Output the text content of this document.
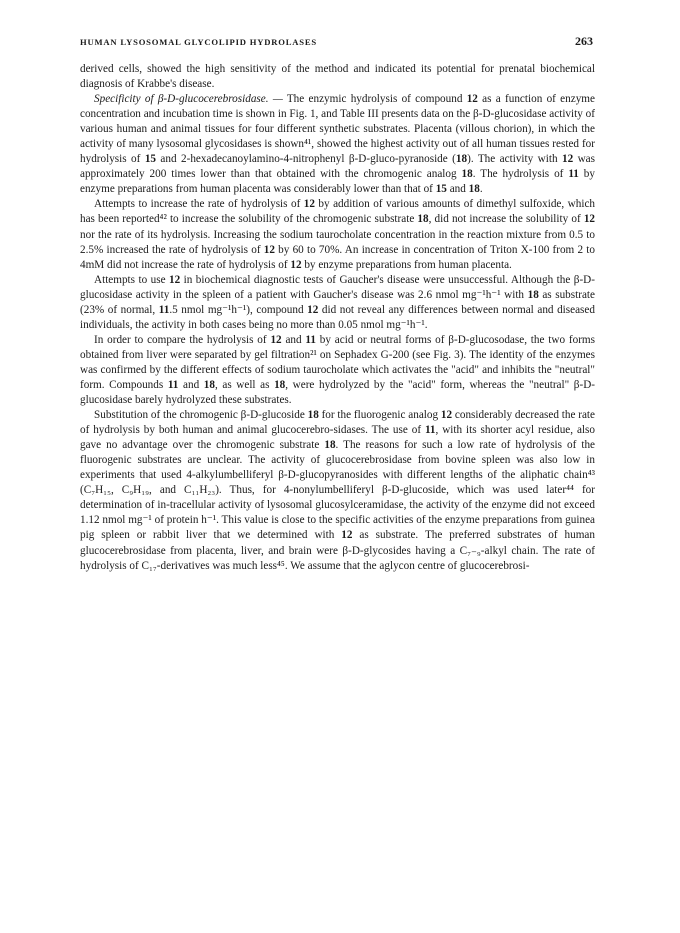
HUMAN LYSOSOMAL GLYCOLIPID HYDROLASES	263

derived cells, showed the high sensitivity of the method and indicated its potential for prenatal biochemical diagnosis of Krabbe's disease.

Specificity of β-D-glucocerebrosidase. — The enzymic hydrolysis of compound 12 as a function of enzyme concentration and incubation time is shown in Fig. 1, and Table III presents data on the β-D-glucosidase activity of various human and animal tissues for four different synthetic substrates. Placenta (villous chorion), in which the activity of many lysosomal glycosidases is shown⁴¹, showed the highest activity out of all human tissues rested for hydrolysis of 15 and 2-hexadecanoylamino-4-nitrophenyl β-D-gluco-pyranoside (18). The activity with 12 was approximately 200 times lower than that obtained with the chromogenic analog 18. The hydrolysis of 11 by enzyme preparations from human placenta was considerably lower than that of 15 and 18.

Attempts to increase the rate of hydrolysis of 12 by addition of various amounts of dimethyl sulfoxide, which has been reported⁴² to increase the solubility of the chromogenic substrate 18, did not increase the solubility of 12 nor the rate of its hydrolysis. Increasing the sodium taurocholate concentration in the reaction mixture from 0.5 to 2.5% increased the rate of hydrolysis of 12 by 60 to 70%. An increase in concentration of Triton X-100 from 2 to 4mM did not increase the rate of hydrolysis of 12 by enzyme preparations from human placenta.

Attempts to use 12 in biochemical diagnostic tests of Gaucher's disease were unsuccessful. Although the β-D-glucosidase activity in the spleen of a patient with Gaucher's disease was 2.6 nmol mg⁻¹h⁻¹ with 18 as substrate (23% of normal, 11.5 nmol mg⁻¹h⁻¹), compound 12 did not reveal any differences between normal and diseased individuals, the activity in both cases being no more than 0.05 nmol mg⁻¹h⁻¹.

In order to compare the hydrolysis of 12 and 11 by acid or neutral forms of β-D-glucosodase, the two forms obtained from liver were separated by gel filtration²¹ on Sephadex G-200 (see Fig. 3). The identity of the enzymes was confirmed by the different effects of sodium taurocholate which activates the "acid" and inhibits the "neutral" form. Compounds 11 and 18, as well as 18, were hydrolyzed by the "acid" form, whereas the "neutral" β-D-glucosidase barely hydrolyzed these substrates.

Substitution of the chromogenic β-D-glucoside 18 for the fluorogenic analog 12 considerably decreased the rate of hydrolysis by both human and animal glucocerebro-sidases. The use of 11, with its shorter acyl residue, also gave no advantage over the chromogenic substrate 18. The reasons for such a low rate of hydrolysis of the fluorogenic substrates are unclear. The activity of glucocerebrosidase from bovine spleen was also low in experiments that used 4-alkylumbelliferyl β-D-glucopyranosides with different lengths of the aliphatic chain⁴³ (C₇H₁₅, C₉H₁₉, and C₁₁H₂₃). Thus, for 4-nonylumbelliferyl β-D-glucoside, which was used later⁴⁴ for determination of in-tracellular activity of lysosomal glucosylceramidase, the activity of the enzyme did not exceed 1.12 nmol mg⁻¹ of protein h⁻¹. This value is close to the specific activities of the enzyme preparations from guinea pig spleen or rabbit liver that we determined with 12 as substrate. The preferred substrates of human glucocerebrosidase from placenta, liver, and brain were β-D-glycosides having a C₇₋₉-alkyl chain. The rate of hydrolysis of C₁₇-derivatives was much less⁴⁵. We assume that the aglycon centre of glucocerebrosi-
